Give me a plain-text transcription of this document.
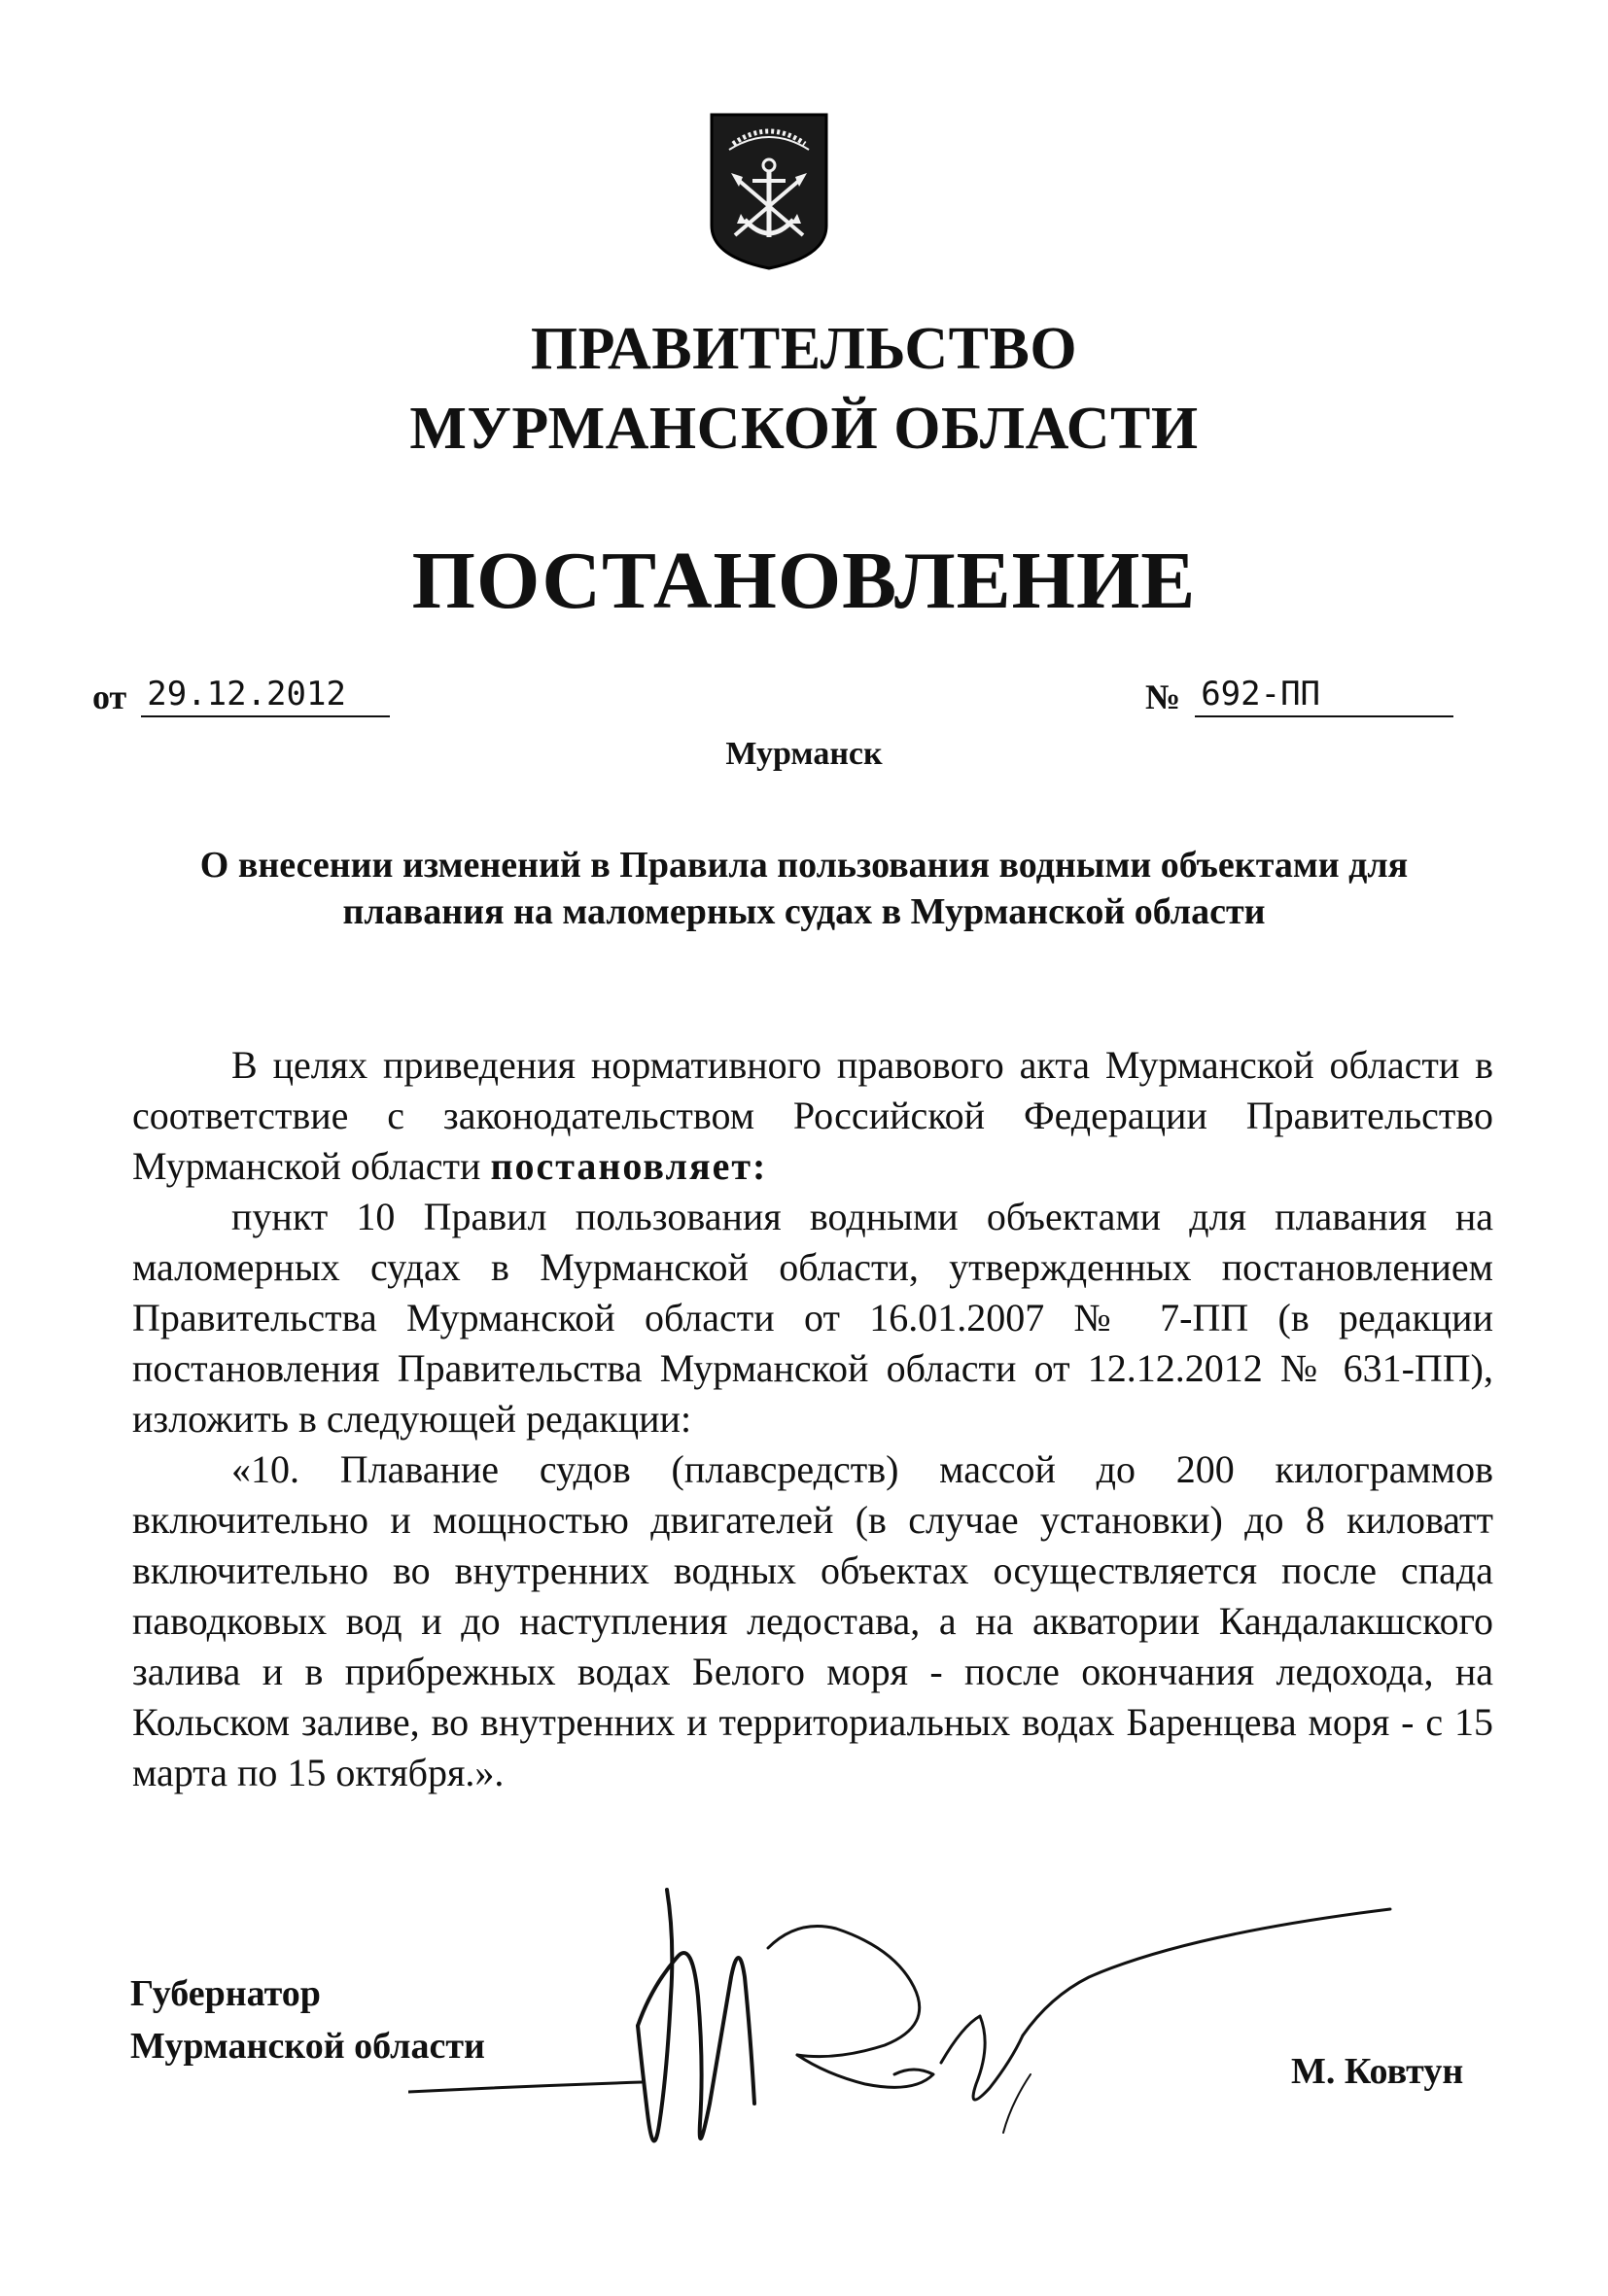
ПРАВИТЕЛЬСТВО
МУРМАНСКОЙ ОБЛАСТИ
ПОСТАНОВЛЕНИЕ
от 29.12.2012	№ 692-ПП
Мурманск
О внесении изменений в Правила пользования водными объектами для
плавания на маломерных судах в Мурманской области

В целях приведения нормативного правового акта Мурманской области в соответствие с законодательством Российской Федерации Правительство Мурманской области постановляет:

пункт 10 Правил пользования водными объектами для плавания на маломерных судах в Мурманской области, утвержденных постановлением Правительства Мурманской области от 16.01.2007 № 7-ПП (в редакции постановления Правительства Мурманской области от 12.12.2012 № 631-ПП), изложить в следующей редакции:

«10. Плавание судов (плавсредств) массой до 200 килограммов включительно и мощностью двигателей (в случае установки) до 8 киловатт включительно во внутренних водных объектах осуществляется после спада паводковых вод и до наступления ледостава, а на акватории Кандалакшского залива и в прибрежных водах Белого моря - после окончания ледохода, на Кольском заливе, во внутренних и территориальных водах Баренцева моря - с 15 марта по 15 октября.».

Губернатор
Мурманской области
М. Ковтун
